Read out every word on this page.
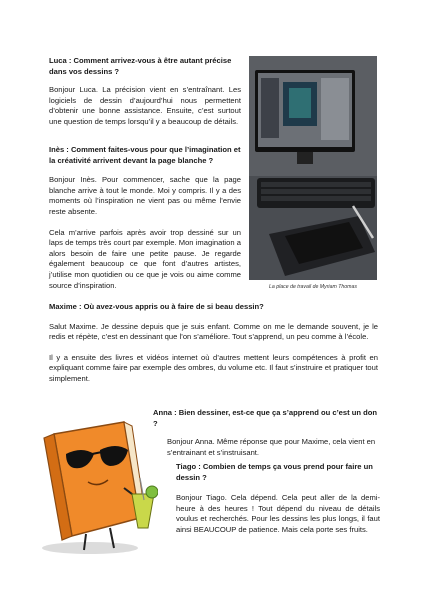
Luca : Comment arrivez-vous à être autant précise dans vos dessins ?

Bonjour Luca. La précision vient en s’entraînant. Les logiciels de dessin d’aujourd’hui nous permettent d’obtenir une bonne assistance. Ensuite, c’est surtout une question de temps lorsqu’il y a beaucoup de détails.

Inès : Comment faites-vous pour que l’imagination et la créativité arrivent devant la page blanche ?

Bonjour Inès. Pour commencer, sache que la page blanche arrive à tout le monde. Moi y compris. Il y a des moments où l’inspiration ne vient pas ou même l’envie reste absente.

Cela m’arrive parfois après avoir trop dessiné sur un laps de temps très court par exemple. Mon imagination a alors besoin de faire une petite pause. Je regarde également beaucoup ce que font d’autres artistes, j’utilise mon quotidien ou ce que je vois ou aime comme source d’inspiration.	La place de travail de Myriam Thomas

Maxime : Où avez-vous appris ou à faire de si beau dessin?

Salut Maxime. Je dessine depuis que je suis enfant. Comme on me le demande souvent, je le redis et répète, c’est en dessinant que l’on s’améliore. Tout s’apprend, un peu comme à l’école.

Il y a ensuite des livres et vidéos internet où d’autres mettent leurs compétences à profit en expliquant comme faire par exemple des ombres, du volume etc. Il faut s’instruire et pratiquer tout simplement.

Anna : Bien dessiner, est-ce que ça s’apprend ou c’est un don ?

Bonjour Anna. Même réponse que pour Maxime, cela vient en s’entrainant et s’instruisant.

Tiago : Combien de temps ça vous prend pour faire un dessin ?

Bonjour Tiago. Cela dépend. Cela peut aller de la demi-heure à des heures ! Tout dépend du niveau de détails voulus et recherchés. Pour les dessins les plus longs, il faut ainsi BEAUCOUP de patience. Mais cela porte ses fruits.
